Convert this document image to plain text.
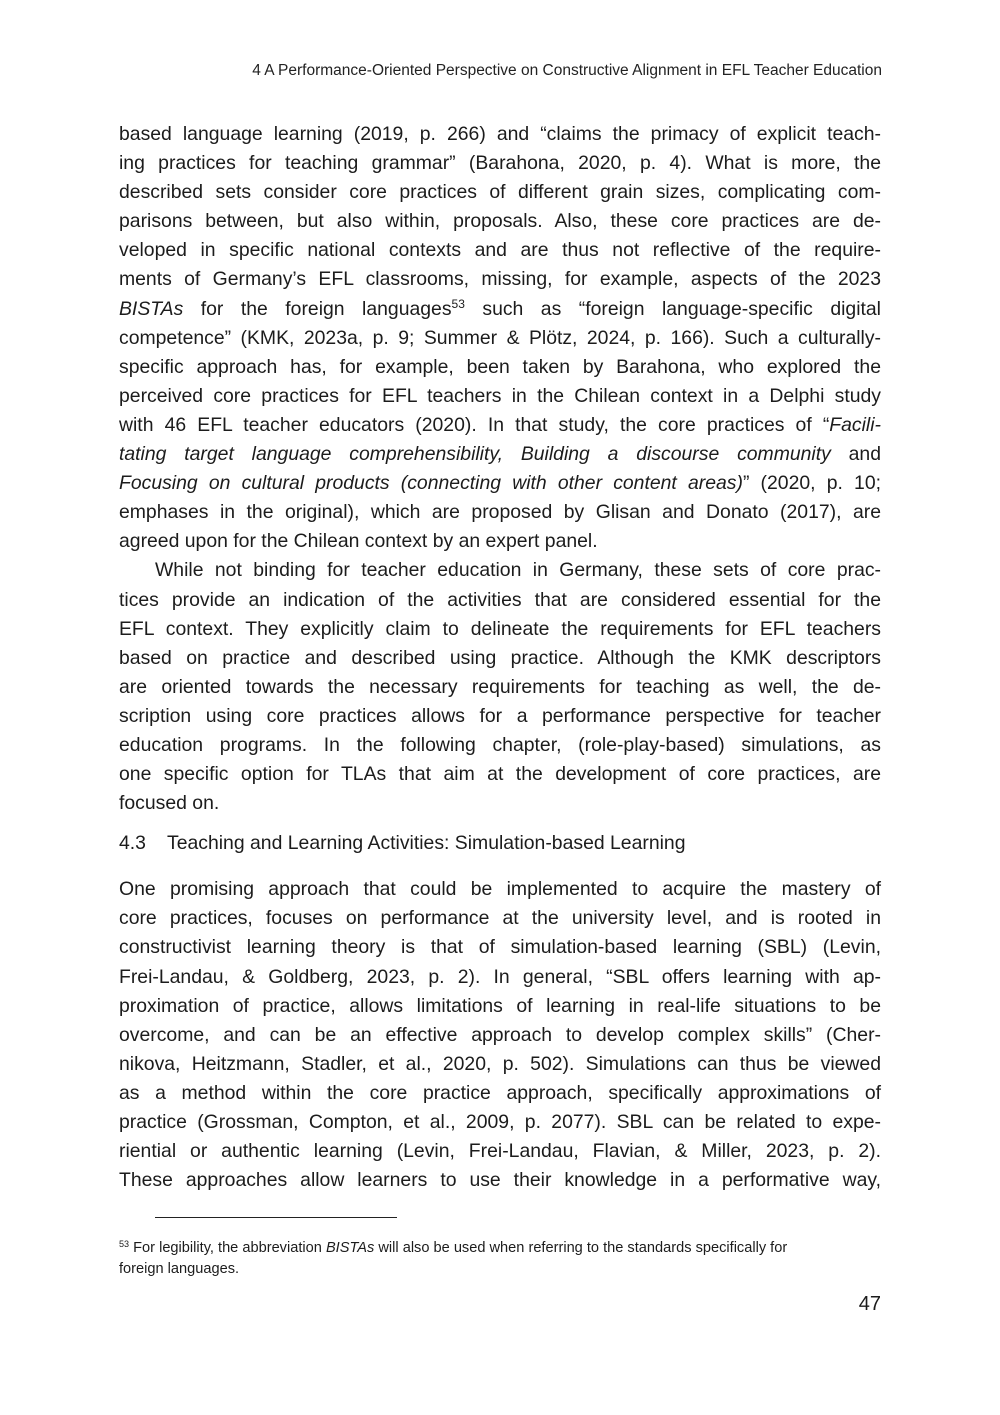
4 A Performance-Oriented Perspective on Constructive Alignment in EFL Teacher Education
based language learning (2019, p. 266) and “claims the primacy of explicit teach-
ing practices for teaching grammar” (Barahona, 2020, p. 4). What is more, the
described sets consider core practices of different grain sizes, complicating com-
parisons between, but also within, proposals. Also, these core practices are de-
veloped in specific national contexts and are thus not reflective of the require-
ments of Germany’s EFL classrooms, missing, for example, aspects of the 2023
BISTAs for the foreign languages$^{53}$ such as “foreign language-specific digital
competence” (KMK, 2023a, p. 9; Summer & Plötz, 2024, p. 166). Such a culturally-
specific approach has, for example, been taken by Barahona, who explored the
perceived core practices for EFL teachers in the Chilean context in a Delphi study
with 46 EFL teacher educators (2020). In that study, the core practices of “Facili-
tating target language comprehensibility, Building a discourse community and
Focusing on cultural products (connecting with other content areas)” (2020, p. 10;
emphases in the original), which are proposed by Glisan and Donato (2017), are
agreed upon for the Chilean context by an expert panel.
While not binding for teacher education in Germany, these sets of core prac-
tices provide an indication of the activities that are considered essential for the
EFL context. They explicitly claim to delineate the requirements for EFL teachers
based on practice and described using practice. Although the KMK descriptors
are oriented towards the necessary requirements for teaching as well, the de-
scription using core practices allows for a performance perspective for teacher
education programs. In the following chapter, (role-play-based) simulations, as
one specific option for TLAs that aim at the development of core practices, are
focused on.
4.3 Teaching and Learning Activities: Simulation-based Learning
One promising approach that could be implemented to acquire the mastery of
core practices, focuses on performance at the university level, and is rooted in
constructivist learning theory is that of simulation-based learning (SBL) (Levin,
Frei-Landau, & Goldberg, 2023, p. 2). In general, “SBL offers learning with ap-
proximation of practice, allows limitations of learning in real-life situations to be
overcome, and can be an effective approach to develop complex skills” (Cher-
nikova, Heitzmann, Stadler, et al., 2020, p. 502). Simulations can thus be viewed
as a method within the core practice approach, specifically approximations of
practice (Grossman, Compton, et al., 2009, p. 2077). SBL can be related to expe-
riential or authentic learning (Levin, Frei-Landau, Flavian, & Miller, 2023, p. 2).
These approaches allow learners to use their knowledge in a performative way,
$^{53}$ For legibility, the abbreviation BISTAs will also be used when referring to the standards specifically for
foreign languages.
47
